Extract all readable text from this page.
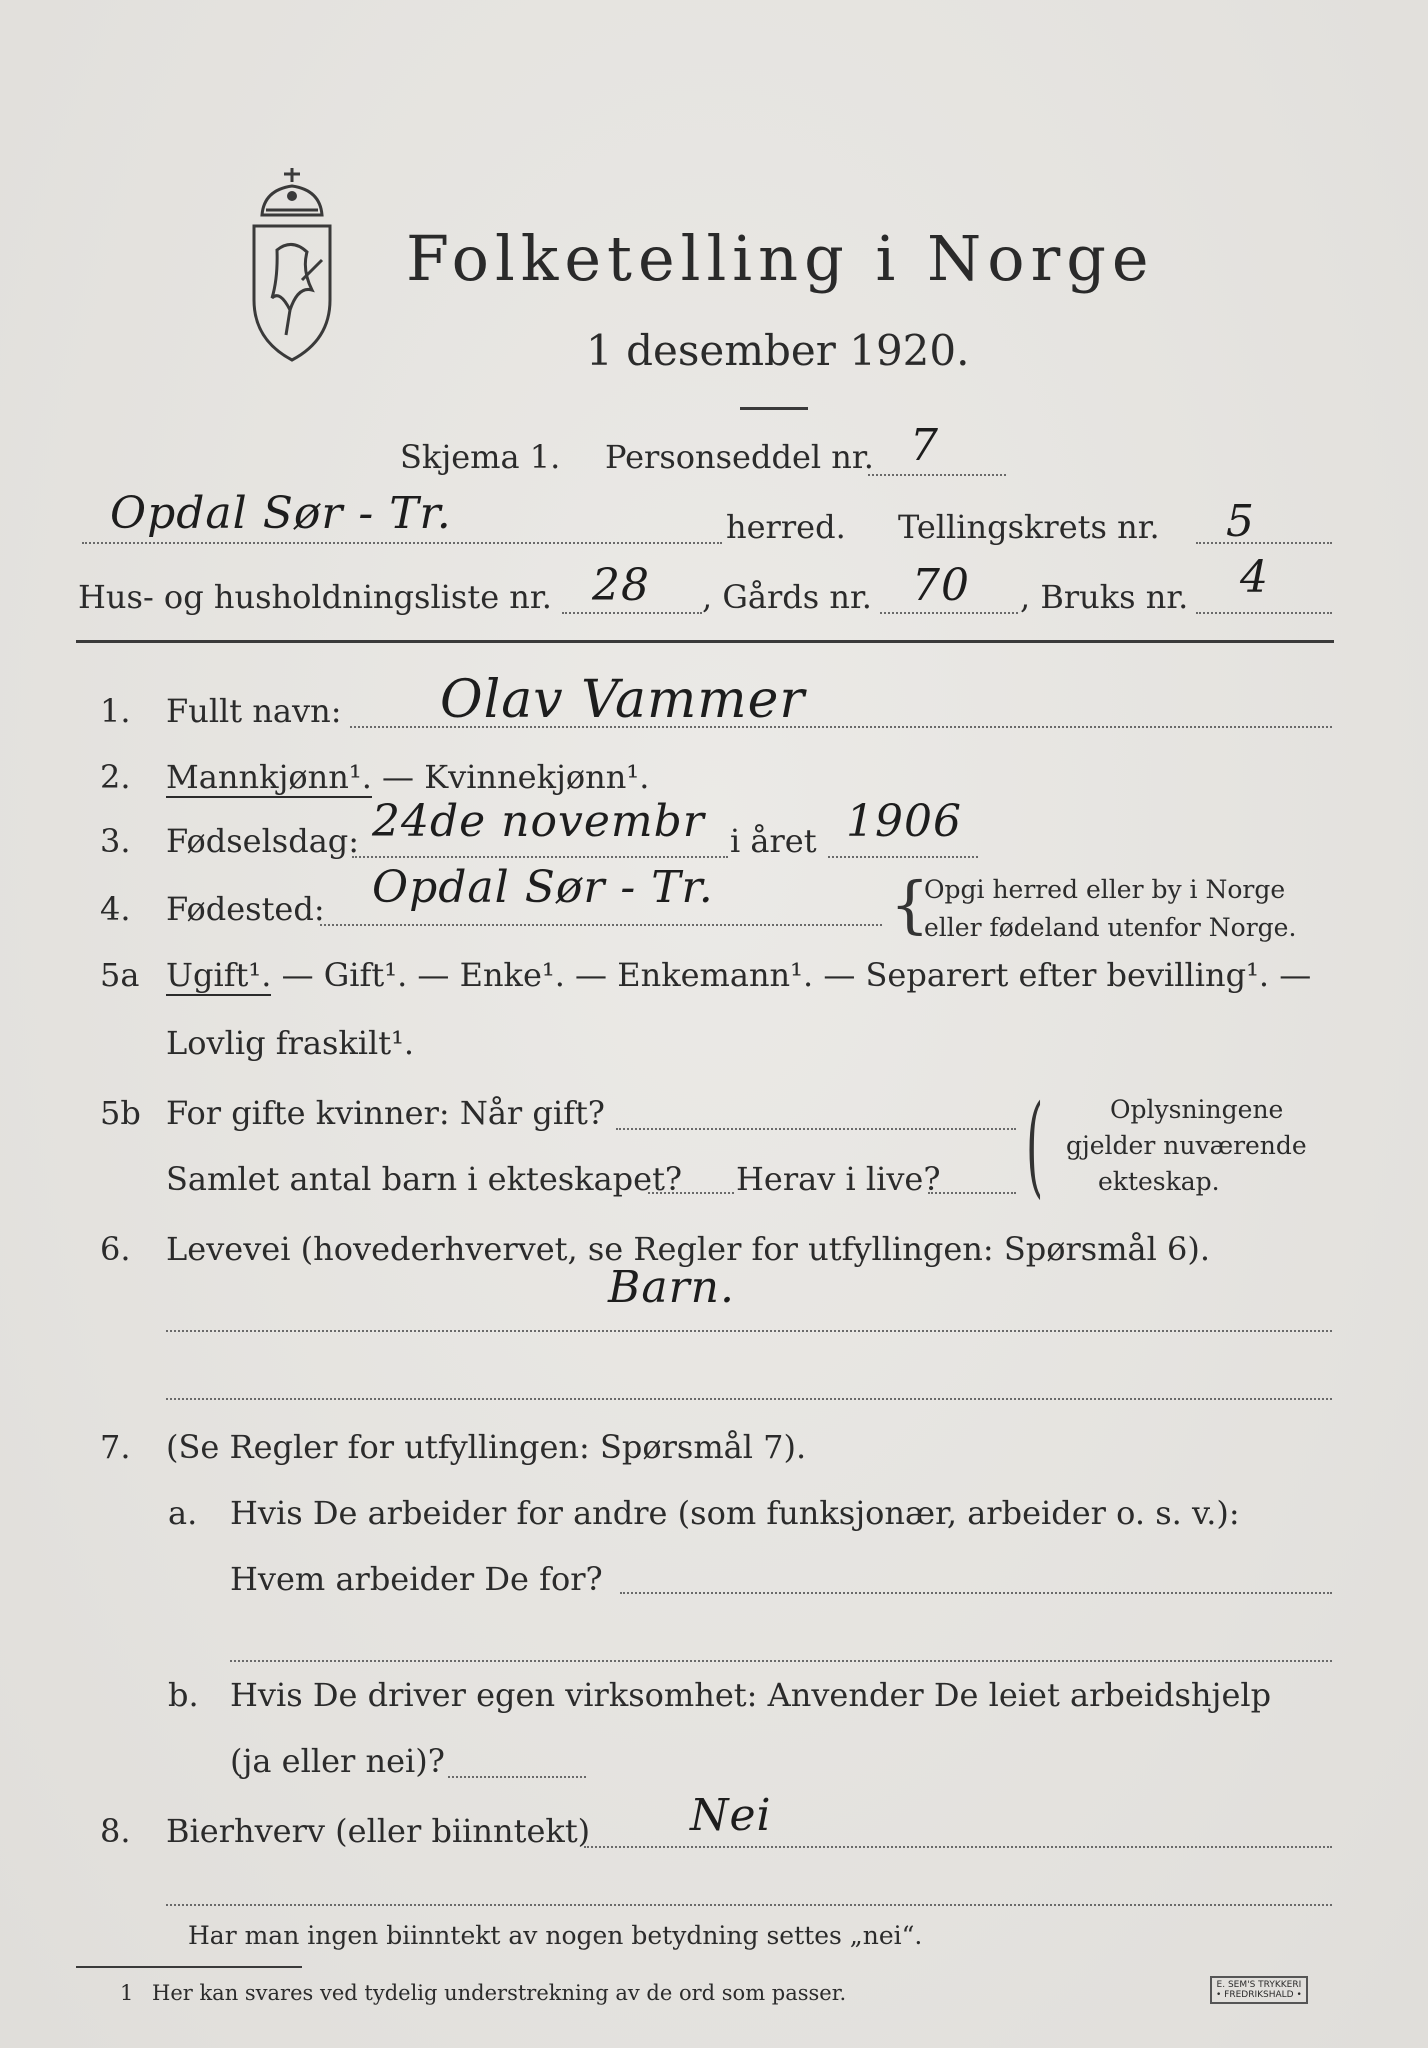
Folketelling i Norge
1 desember 1920.
Skjema 1. Personseddel nr. 7
Opdal Sør - Tr.	herred. Tellingskrets nr. 5
Hus- og husholdningsliste nr. 28 , Gårds nr. 70 , Bruks nr. 4
1. Fullt navn: Olav Vammer
2. Mannkjønn¹. — Kvinnekjønn¹.
3. Fødselsdag: 24de novembr i året 1906
4. Fødested: Opdal Sør - Tr.	{
Opgi herred eller by i Norge
eller fødeland utenfor Norge.
5a Ugift¹. — Gift¹. — Enke¹. — Enkemann¹. — Separert efter bevilling¹. —
Lovlig fraskilt¹.
5b For gifte kvinner: Når gift?
Samlet antal barn i ekteskapet? Herav i live? (	Oplysningene
gjelder nuværende
ekteskap.
6. Levevei (hovederhvervet, se Regler for utfyllingen: Spørsmål 6).
Barn.
7. (Se Regler for utfyllingen: Spørsmål 7).
a. Hvis De arbeider for andre (som funksjonær, arbeider o. s. v.):
Hvem arbeider De for?
b. Hvis De driver egen virksomhet: Anvender De leiet arbeidshjelp
(ja eller nei)?
8. Bierhverv (eller biinntekt) Nei
Har man ingen biinntekt av nogen betydning settes „nei“.
1 Her kan svares ved tydelig understrekning av de ord som passer.	E. SEM'S TRYKKERI
• FREDRIKSHALD •
